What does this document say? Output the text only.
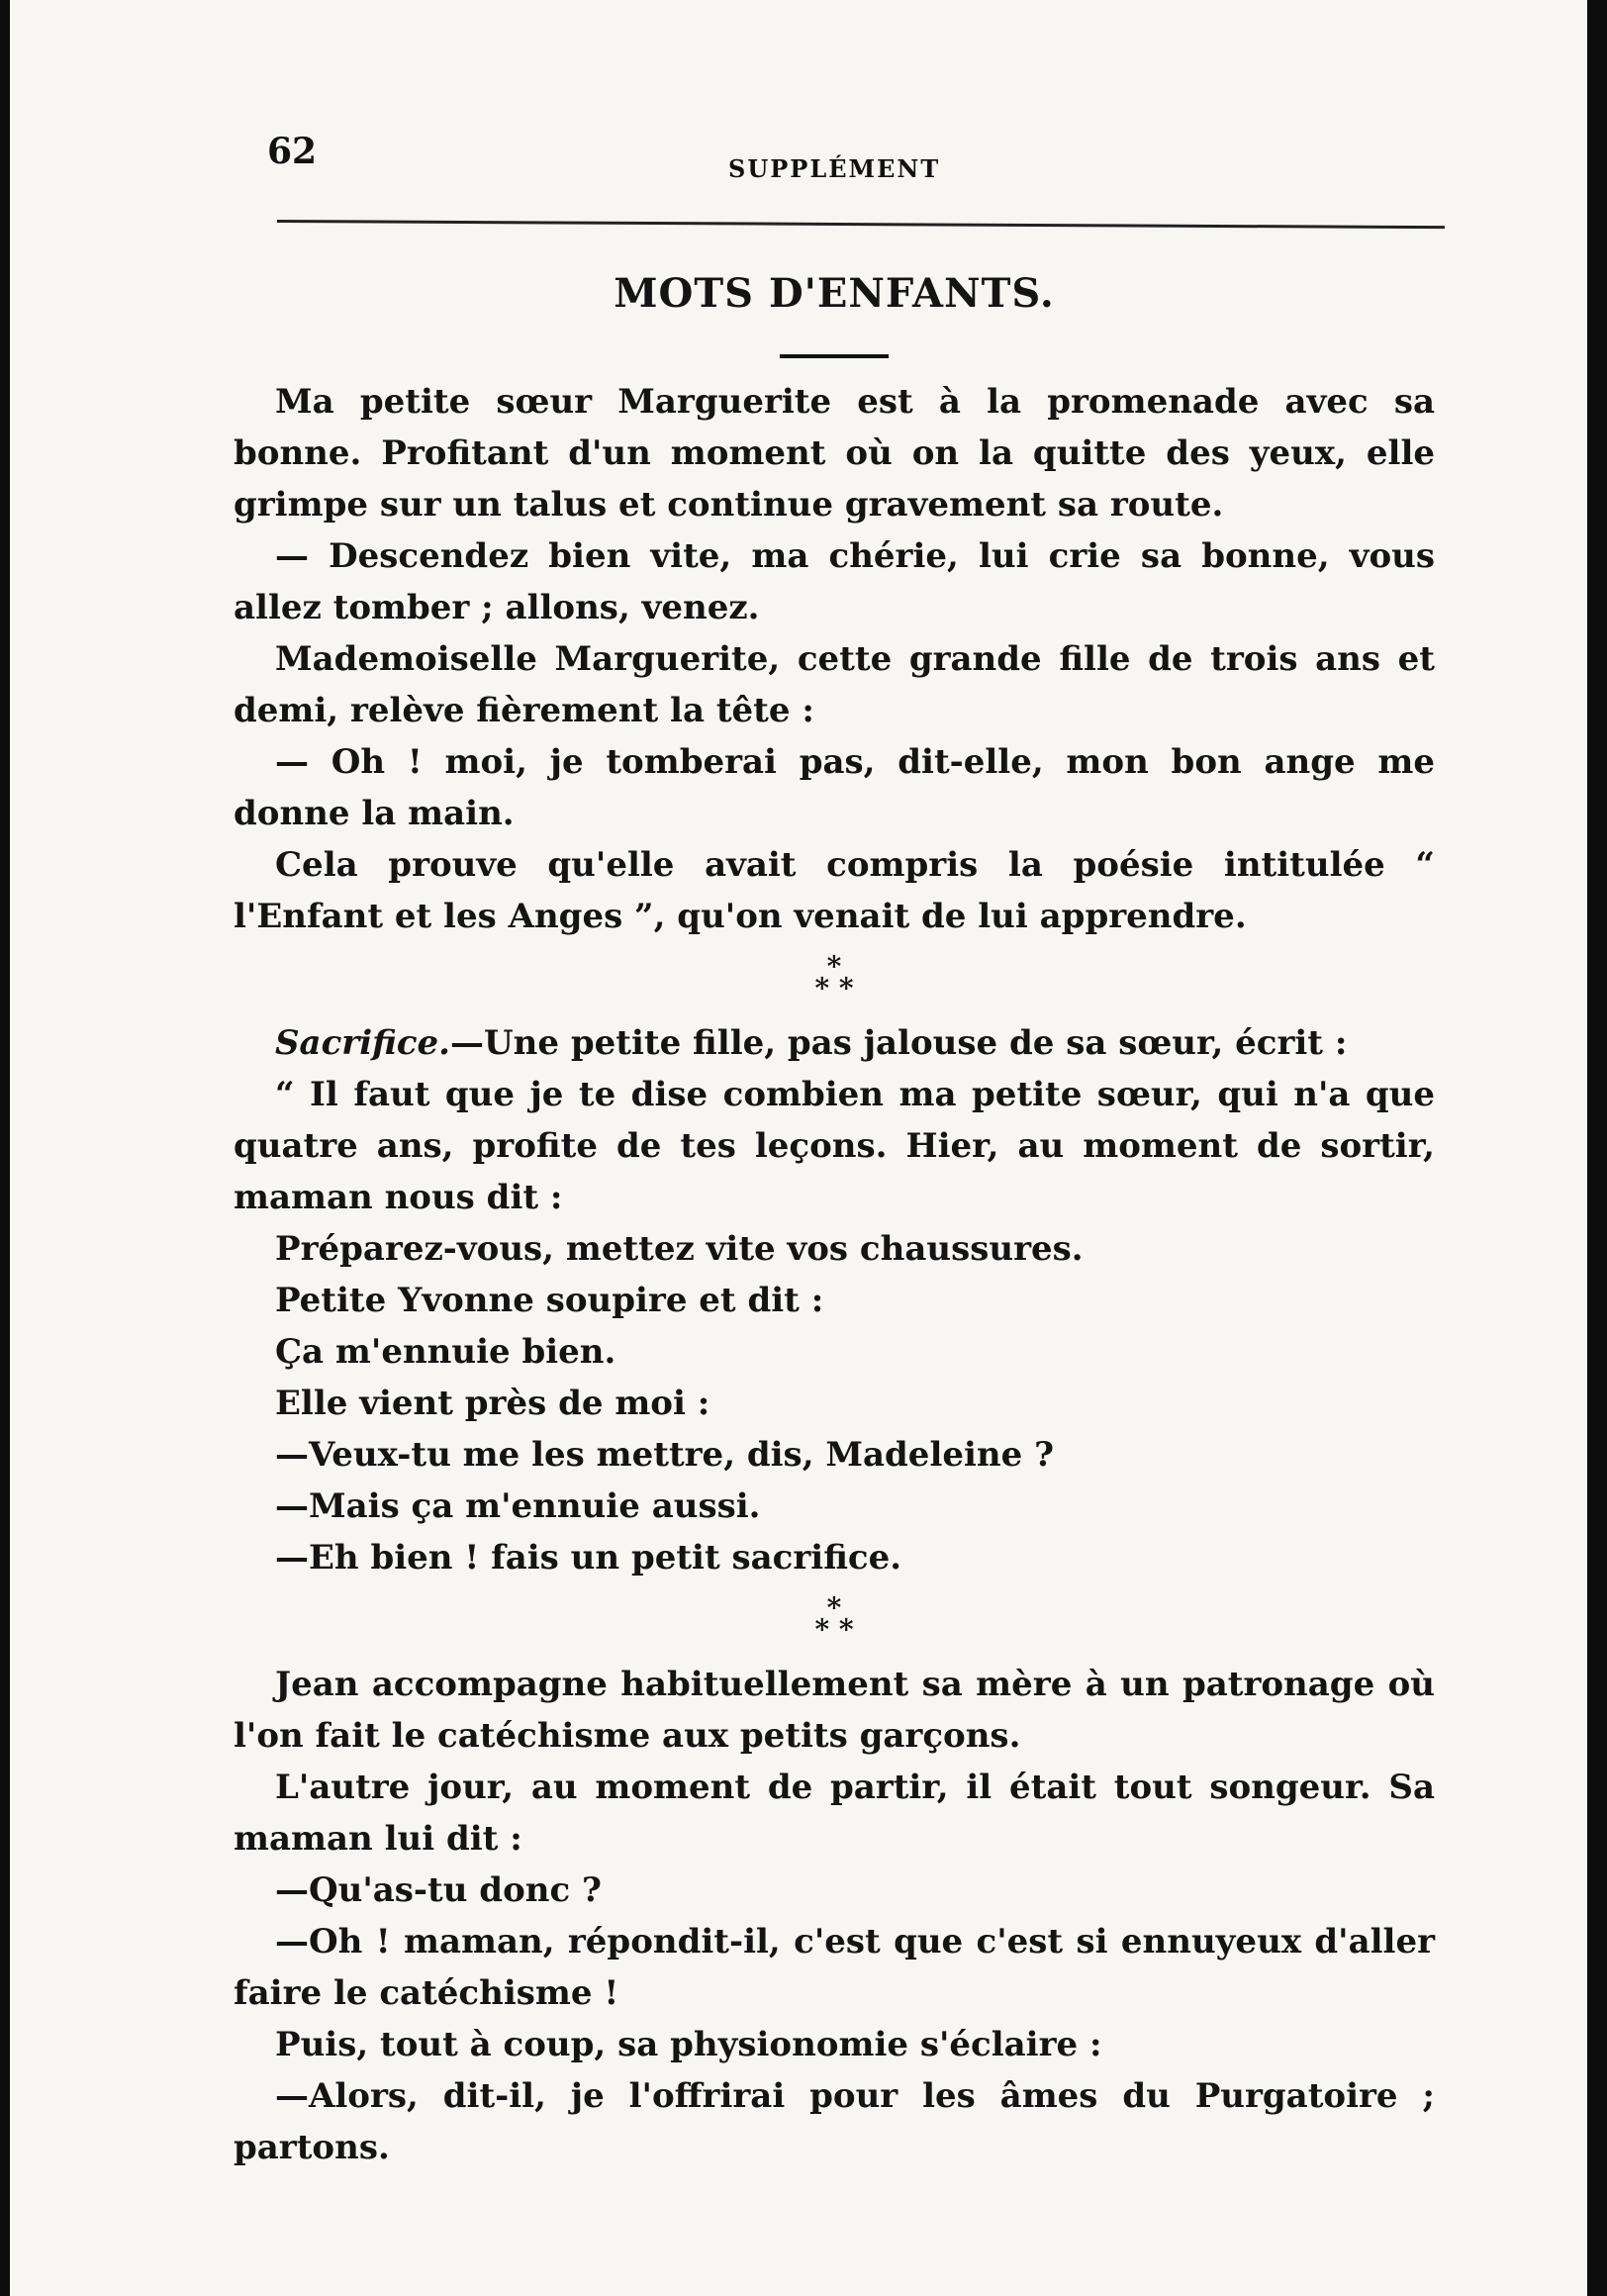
62	SUPPLÉMENT
MOTS D'ENFANTS.

Ma petite sœur Marguerite est à la promenade avec sa bonne. Profitant d'un moment où on la quitte des yeux, elle grimpe sur un talus et continue gravement sa route.

— Descendez bien vite, ma chérie, lui crie sa bonne, vous allez tomber ; allons, venez.

Mademoiselle Marguerite, cette grande fille de trois ans et demi, relève fièrement la tête :

— Oh ! moi, je tomberai pas, dit-elle, mon bon ange me donne la main.

Cela prouve qu'elle avait compris la poésie intitulée “ l'Enfant et les Anges ”, qu'on venait de lui apprendre.

*
* *

Sacrifice.—Une petite fille, pas jalouse de sa sœur, écrit :

“ Il faut que je te dise combien ma petite sœur, qui n'a que quatre ans, profite de tes leçons. Hier, au moment de sortir, maman nous dit :

Préparez-vous, mettez vite vos chaussures.

Petite Yvonne soupire et dit :

Ça m'ennuie bien.

Elle vient près de moi :

—Veux-tu me les mettre, dis, Madeleine ?

—Mais ça m'ennuie aussi.

—Eh bien ! fais un petit sacrifice.

*
* *

Jean accompagne habituellement sa mère à un patronage où l'on fait le catéchisme aux petits garçons.

L'autre jour, au moment de partir, il était tout songeur. Sa maman lui dit :

—Qu'as-tu donc ?

—Oh ! maman, répondit-il, c'est que c'est si ennuyeux d'aller faire le catéchisme !

Puis, tout à coup, sa physionomie s'éclaire :

—Alors, dit-il, je l'offrirai pour les âmes du Purgatoire ; partons.
